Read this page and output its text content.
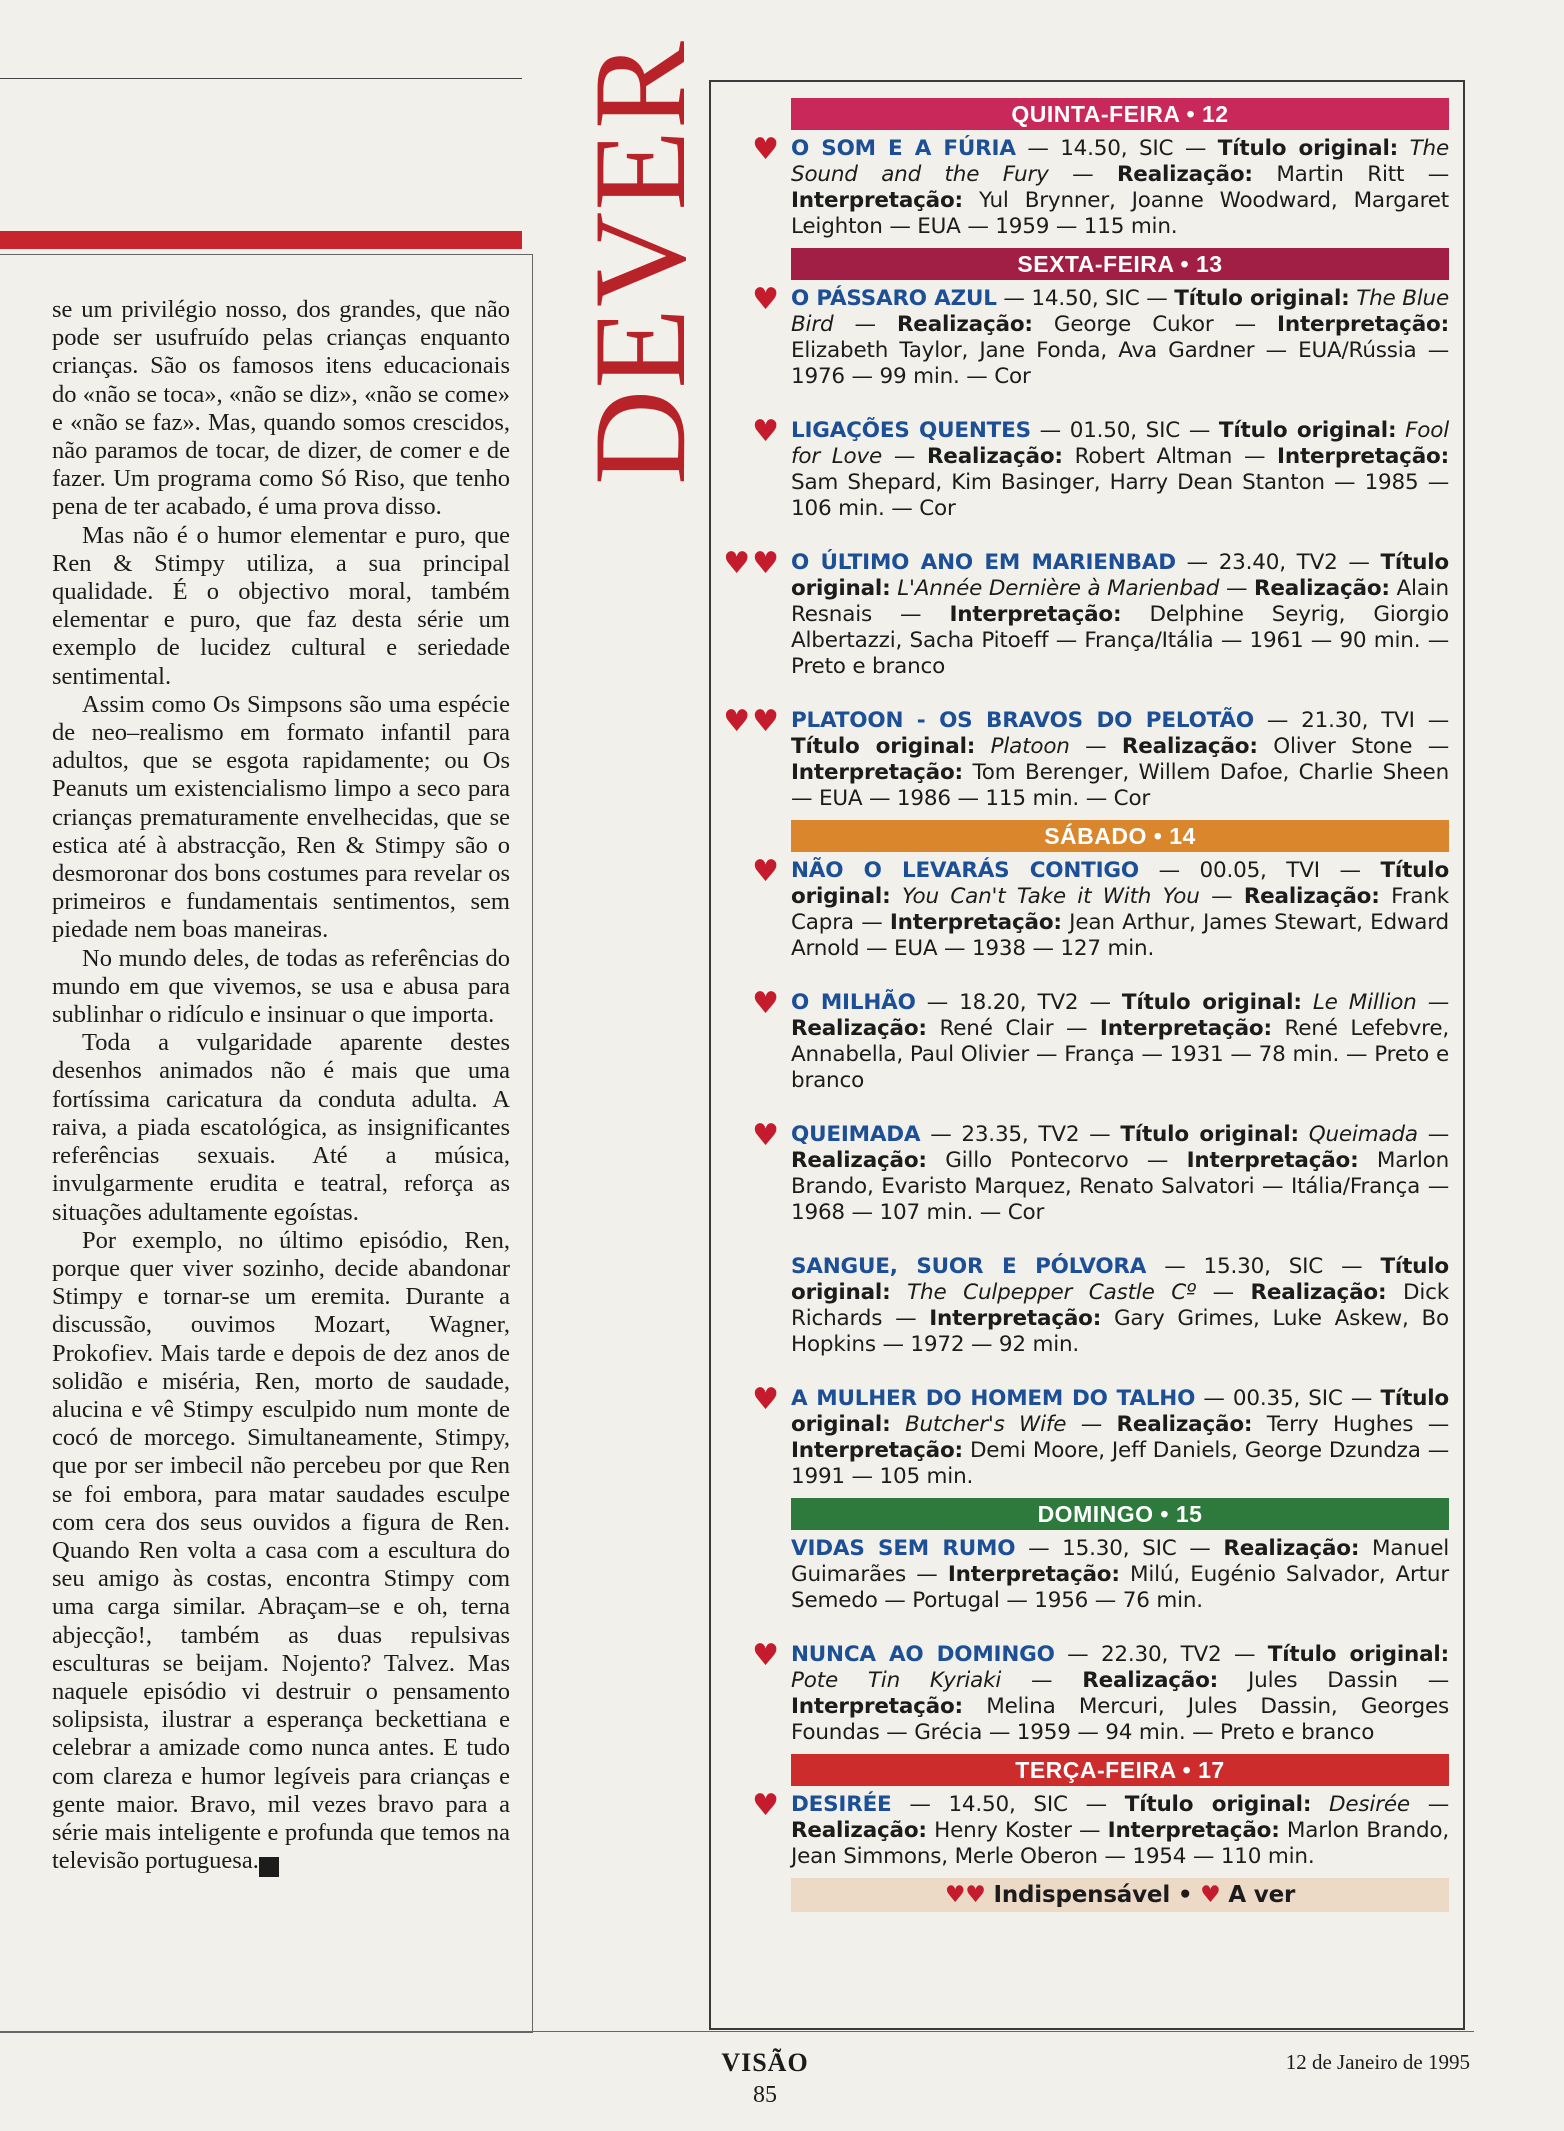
se um privilégio nosso, dos grandes, que não pode ser usufruído pelas crianças enquanto crianças. São os famosos itens educacionais do «não se toca», «não se diz», «não se come» e «não se faz». Mas, quando somos crescidos, não paramos de tocar, de dizer, de comer e de fazer. Um programa como Só Riso, que tenho pena de ter acabado, é uma prova disso.

Mas não é o humor elementar e puro, que Ren & Stimpy utiliza, a sua principal qualidade. É o objectivo moral, também elementar e puro, que faz desta série um exemplo de lucidez cultural e seriedade sentimental.

Assim como Os Simpsons são uma espécie de neo–realismo em formato infantil para adultos, que se esgota rapidamente; ou Os Peanuts um existencialismo limpo a seco para crianças prematuramente envelhecidas, que se estica até à abstracção, Ren & Stimpy são o desmoronar dos bons costumes para revelar os primeiros e fundamentais sentimentos, sem piedade nem boas maneiras.

No mundo deles, de todas as referências do mundo em que vivemos, se usa e abusa para sublinhar o ridículo e insinuar o que importa.

Toda a vulgaridade aparente destes desenhos animados não é mais que uma fortíssima caricatura da conduta adulta. A raiva, a piada escatológica, as insignificantes referências sexuais. Até a música, invulgarmente erudita e teatral, reforça as situações adultamente egoístas.

Por exemplo, no último episódio, Ren, porque quer viver sozinho, decide abandonar Stimpy e tornar-se um eremita. Durante a discussão, ouvimos Mozart, Wagner, Prokofiev. Mais tarde e depois de dez anos de solidão e miséria, Ren, morto de saudade, alucina e vê Stimpy esculpido num monte de cocó de morcego. Simultaneamente, Stimpy, que por ser imbecil não percebeu por que Ren se foi embora, para matar saudades esculpe com cera dos seus ouvidos a figura de Ren. Quando Ren volta a casa com a escultura do seu amigo às costas, encontra Stimpy com uma carga similar. Abraçam–se e oh, terna abjecção!, também as duas repulsivas esculturas se beijam. Nojento? Talvez. Mas naquele episódio vi destruir o pensamento solipsista, ilustrar a esperança beckettiana e celebrar a amizade como nunca antes. E tudo com clareza e humor legíveis para crianças e gente maior. Bravo, mil vezes bravo para a série mais inteligente e profunda que temos na televisão portuguesa. V

DEVER	QUINTA-FEIRA • 12
♥ O SOM E A FÚRIA — 14.50, SIC — Título original: The Sound and the Fury — Realização: Martin Ritt — Interpretação: Yul Brynner, Joanne Woodward, Margaret Leighton — EUA — 1959 — 115 min.
SEXTA-FEIRA • 13
♥ O PÁSSARO AZUL — 14.50, SIC — Título original: The Blue Bird — Realização: George Cukor — Interpretação: Elizabeth Taylor, Jane Fonda, Ava Gardner — EUA/Rússia — 1976 — 99 min. — Cor
♥ LIGAÇÕES QUENTES — 01.50, SIC — Título original: Fool for Love — Realização: Robert Altman — Interpretação: Sam Shepard, Kim Basinger, Harry Dean Stanton — 1985 — 106 min. — Cor
♥♥ O ÚLTIMO ANO EM MARIENBAD — 23.40, TV2 — Título original: L'Année Dernière à Marienbad — Realização: Alain Resnais — Interpretação: Delphine Seyrig, Giorgio Albertazzi, Sacha Pitoeff — França/Itália — 1961 — 90 min. — Preto e branco
♥♥ PLATOON - OS BRAVOS DO PELOTÃO — 21.30, TVI — Título original: Platoon — Realização: Oliver Stone — Interpretação: Tom Berenger, Willem Dafoe, Charlie Sheen — EUA — 1986 — 115 min. — Cor
SÁBADO • 14
♥ NÃO O LEVARÁS CONTIGO — 00.05, TVI — Título original: You Can't Take it With You — Realização: Frank Capra — Interpretação: Jean Arthur, James Stewart, Edward Arnold — EUA — 1938 — 127 min.
♥ O MILHÃO — 18.20, TV2 — Título original: Le Million — Realização: René Clair — Interpretação: René Lefebvre, Annabella, Paul Olivier — França — 1931 — 78 min. — Preto e branco
♥ QUEIMADA — 23.35, TV2 — Título original: Queimada — Realização: Gillo Pontecorvo — Interpretação: Marlon Brando, Evaristo Marquez, Renato Salvatori — Itália/França — 1968 — 107 min. — Cor
SANGUE, SUOR E PÓLVORA — 15.30, SIC — Título original: The Culpepper Castle Cº — Realização: Dick Richards — Interpretação: Gary Grimes, Luke Askew, Bo Hopkins — 1972 — 92 min.
♥ A MULHER DO HOMEM DO TALHO — 00.35, SIC — Título original: Butcher's Wife — Realização: Terry Hughes — Interpretação: Demi Moore, Jeff Daniels, George Dzundza — 1991 — 105 min.
DOMINGO • 15
VIDAS SEM RUMO — 15.30, SIC — Realização: Manuel Guimarães — Interpretação: Milú, Eugénio Salvador, Artur Semedo — Portugal — 1956 — 76 min.
♥ NUNCA AO DOMINGO — 22.30, TV2 — Título original: Pote Tin Kyriaki — Realização: Jules Dassin — Interpretação: Melina Mercuri, Jules Dassin, Georges Foundas — Grécia — 1959 — 94 min. — Preto e branco
TERÇA-FEIRA • 17
♥ DESIRÉE — 14.50, SIC — Título original: Desirée — Realização: Henry Koster — Interpretação: Marlon Brando, Jean Simmons, Merle Oberon — 1954 — 110 min.
♥♥ Indispensável • ♥ A ver
VISÃO
85
12 de Janeiro de 1995
